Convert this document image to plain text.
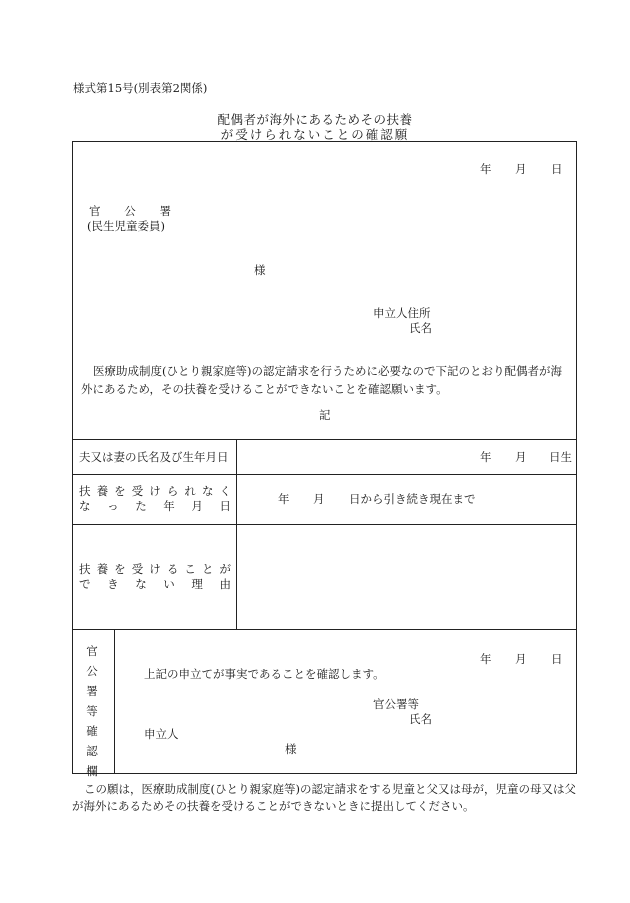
様式第15号(別表第2関係)
配偶者が海外にあるためその扶養
が受けられないことの確認願
年 月 日
官 公 署
(民生児童委員)
様
申立人住所
氏名
医療助成制度(ひとり親家庭等)の認定請求を行うために必要なので下記のとおり配偶者が海外にあるため，その扶養を受けることができないことを確認願います。
記
夫又は妻の氏名及び生年月日	年 月 日生
扶 養 を 受 け ら れ な く
な っ た 年 月 日	年 月 日から引き続き現在まで
扶 養 を 受 け る こ と が
で き な い 理 由
官
公
署
等
確
認
欄
年 月 日
上記の申立てが事実であることを確認します。
官公署等
氏名
申立人
様
この願は，医療助成制度(ひとり親家庭等)の認定請求をする児童と父又は母が，児童の母又は父が海外にあるためその扶養を受けることができないときに提出してください。
